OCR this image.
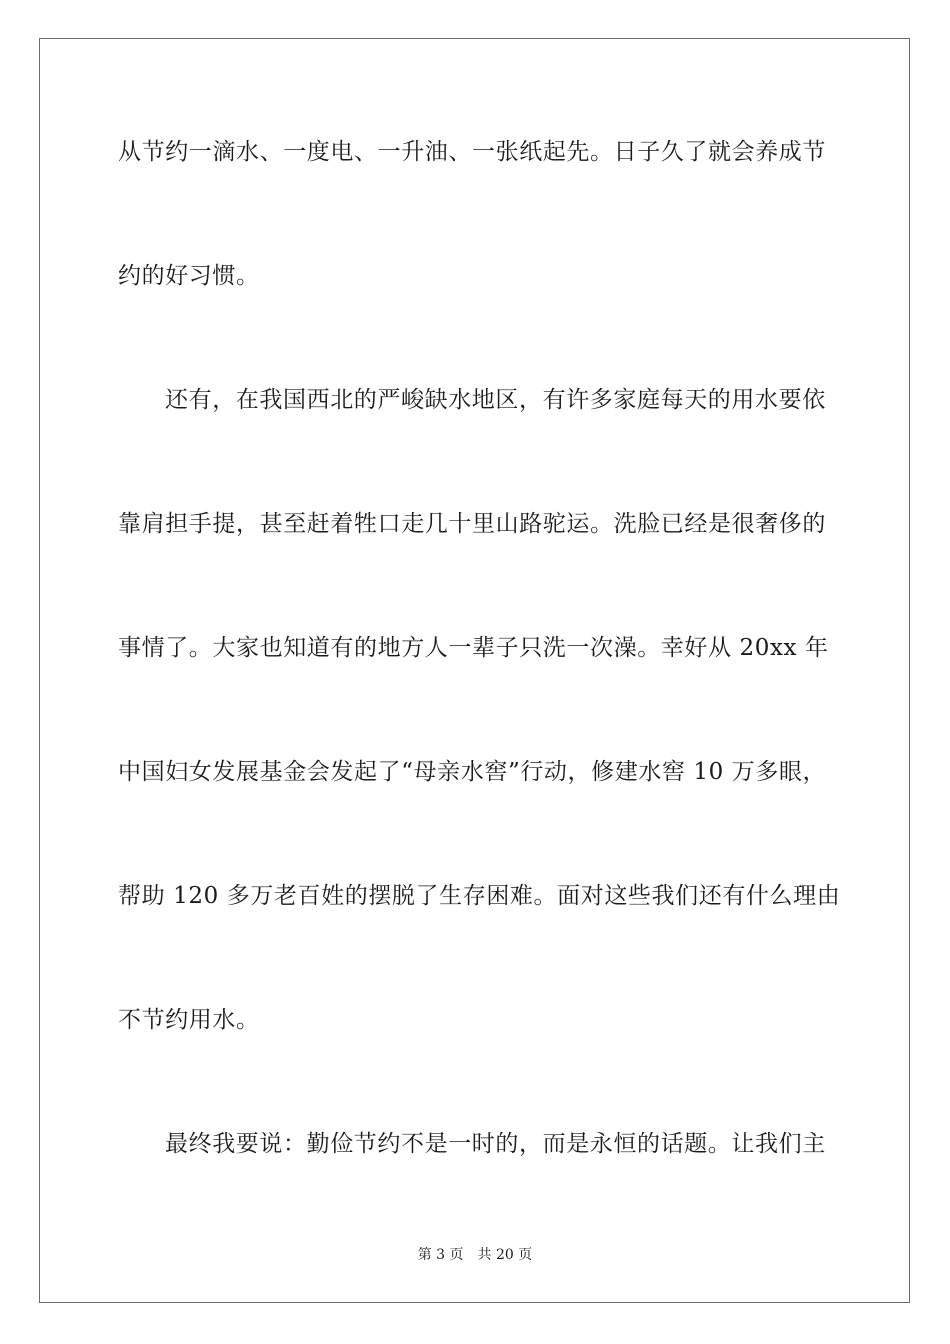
从节约一滴水、一度电、一升油、一张纸起先。日子久了就会养成节
约的好习惯。
还有，在我国西北的严峻缺水地区，有许多家庭每天的用水要依
靠肩担手提，甚至赶着牲口走几十里山路驼运。洗脸已经是很奢侈的
事情了。大家也知道有的地方人一辈子只洗一次澡。幸好从 20xx 年
中国妇女发展基金会发起了“母亲水窖”行动，修建水窖 10 万多眼，
帮助 120 多万老百姓的摆脱了生存困难。面对这些我们还有什么理由
不节约用水。
最终我要说：勤俭节约不是一时的，而是永恒的话题。让我们主
第 3 页 共 20 页
